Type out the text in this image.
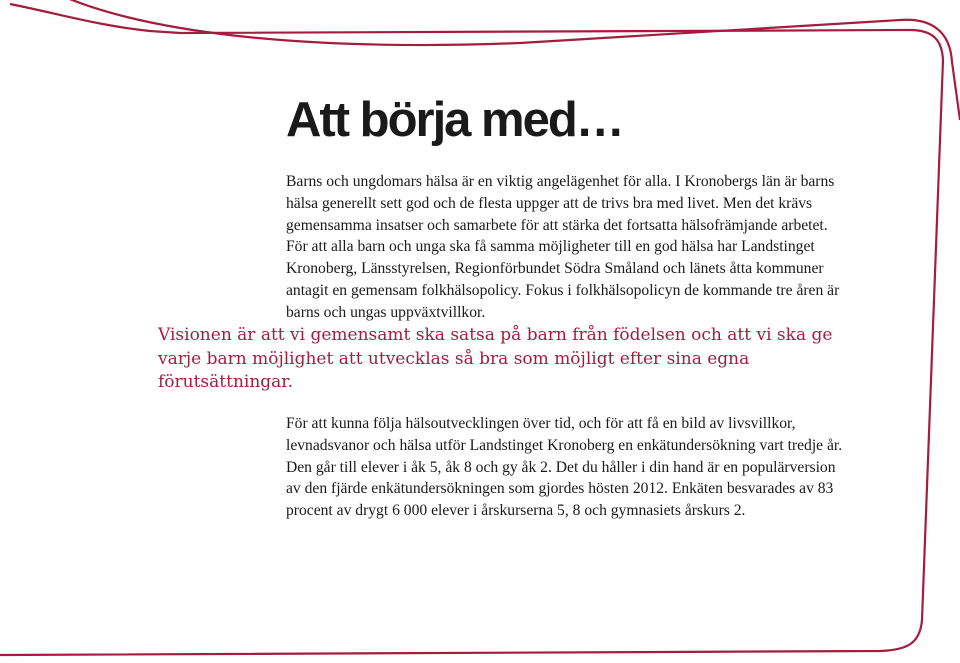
Att börja med…

Barns och ungdomars hälsa är en viktig angelägenhet för alla. I Kronobergs län är barns hälsa generellt sett god och de flesta uppger att de trivs bra med livet. Men det krävs gemensamma insatser och samarbete för att stärka det fortsatta hälsofrämjande arbetet. För att alla barn och unga ska få samma möjligheter till en god hälsa har Landstinget Kronoberg, Länsstyrelsen, Regionförbundet Södra Småland och länets åtta kommuner antagit en gemensam folkhälsopolicy. Fokus i folkhälsopolicyn de kommande tre åren är barns och ungas uppväxtvillkor.

Visionen är att vi gemensamt ska satsa på barn från födelsen och att vi ska ge varje barn möjlighet att utvecklas så bra som möjligt efter sina egna förutsättningar.

För att kunna följa hälsoutvecklingen över tid, och för att få en bild av livsvillkor, levnadsvanor och hälsa utför Landstinget Kronoberg en enkätundersökning vart tredje år. Den går till elever i åk 5, åk 8 och gy åk 2. Det du håller i din hand är en populärversion av den fjärde enkätundersökningen som gjordes hösten 2012. Enkäten besvarades av 83 procent av drygt 6 000 elever i årskurserna 5, 8 och gymnasiets årskurs 2.
